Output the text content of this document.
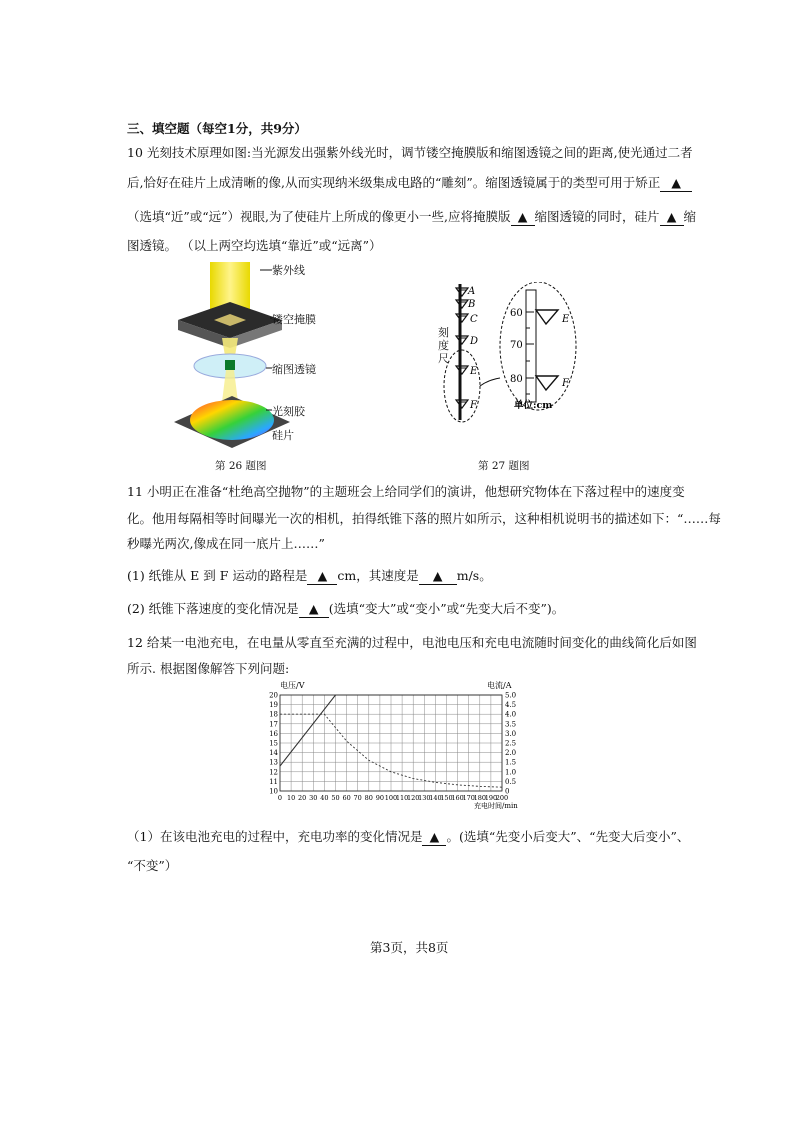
三、填空题（每空1分，共9分）
10 光刻技术原理如图:当光源发出强紫外线光时，调节镂空掩膜版和缩图透镜之间的距离,使光通过二者
后,恰好在硅片上成清晰的像,从而实现纳米级集成电路的“雕刻”。缩图透镜属于的类型可用于矫正 ▲
（选填“近”或“远”）视眼,为了使硅片上所成的像更小一些,应将掩膜版 ▲ 缩图透镜的同时，硅片 ▲ 缩
图透镜。 （以上两空均选填“靠近”或“远离”）
紫外线
镂空掩膜
缩图透镜
光刻胶
硅片
第 26 题图
A
B
C
D
E
F
60
70
80
E
F
单位:cm
刻度尺
第 27 题图
11 小明正在准备“杜绝高空抛物”的主题班会上给同学们的演讲，他想研究物体在下落过程中的速度变
化。他用每隔相等时间曝光一次的相机，拍得纸锥下落的照片如所示，这种相机说明书的描述如下：“……每
秒曝光两次,像成在同一底片上……”
(1) 纸锥从 E 到 F 运动的路程是 ▲ cm，其速度是 ▲ m/s。
(2) 纸锥下落速度的变化情况是 ▲ (选填“变大”或“变小”或“先变大后不变”)。
12 给某一电池充电，在电量从零直至充满的过程中，电池电压和充电电流随时间变化的曲线简化后如图
所示. 根据图像解答下列问题:
0 10 20 30 40 50 60 70 80 90 100
110
120
130
140
150
160
170
180
190
200
10
11
12
13
14
15
16
17
18
19
20
0
0.5
1.0
1.5
2.0
2.5
3.0
3.5
4.0
4.5
5.0
电压/V	电流/A
充电时间/min
（1）在该电池充电的过程中，充电功率的变化情况是 ▲ 。(选填“先变小后变大”、“先变大后变小”、
“不变”）
第3页，共8页
